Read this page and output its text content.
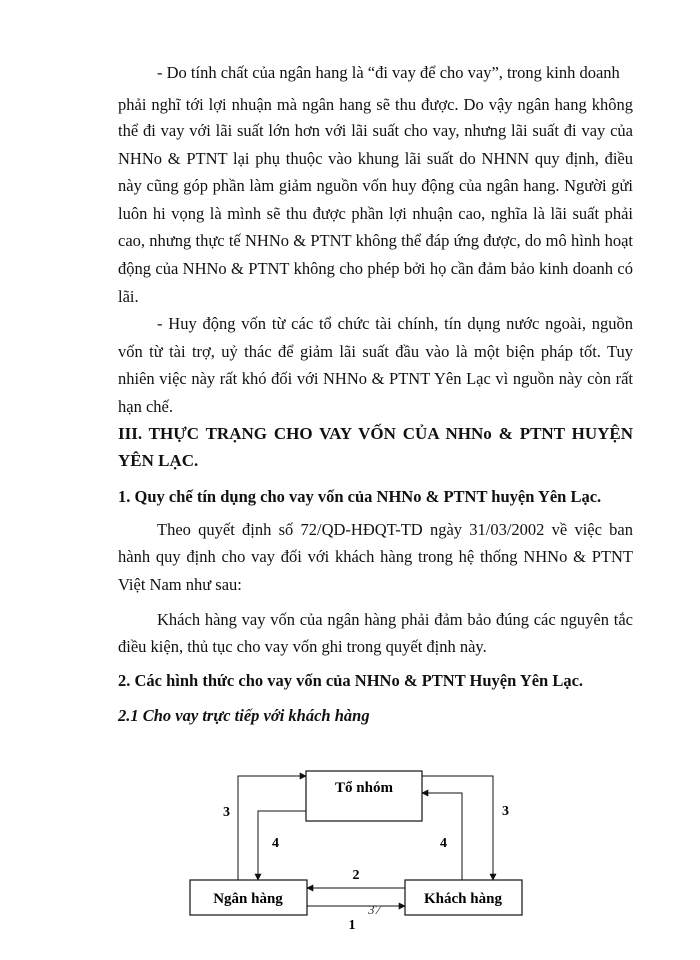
- Do tính chất của ngân hang là “đi vay để cho vay”, trong kinh doanh
phải nghĩ tới lợi nhuận mà ngân hang sẽ thu được. Do vậy ngân hang không
thể đi vay với lãi suất lớn hơn với lãi suất cho vay, nhưng lãi suất đi vay của
NHNo & PTNT lại phụ thuộc vào khung lãi suất do NHNN quy định, điều
này cũng góp phần làm giảm nguồn vốn huy động của ngân hang. Người gửi
luôn hi vọng là mình sẽ thu được phần lợi nhuận cao, nghĩa là lãi suất phải
cao, nhưng thực tế NHNo & PTNT không thể đáp ứng được, do mô hình hoạt
động của NHNo & PTNT không cho phép bởi họ cần đảm bảo kinh doanh có
lãi.
- Huy động vốn từ các tổ chức tài chính, tín dụng nước ngoài, nguồn
vốn từ tài trợ, uỷ thác để giảm lãi suất đầu vào là một biện pháp tốt. Tuy
nhiên việc này rất khó đối với NHNo & PTNT Yên Lạc vì nguồn này còn rất
hạn chế.
III. THỰC TRẠNG CHO VAY VỐN CỦA NHNo & PTNT HUYỆN
YÊN LẠC.
1. Quy chế tín dụng cho vay vốn của NHNo & PTNT huyện Yên Lạc.
Theo quyết định số 72/QD-HĐQT-TD ngày 31/03/2002 về việc ban
hành quy định cho vay đối với khách hàng trong hệ thống NHNo & PTNT
Việt Nam như sau:
Khách hàng vay vốn của ngân hàng phải đảm bảo đúng các nguyên tắc
điều kiện, thủ tục cho vay vốn ghi trong quyết định này.
2. Các hình thức cho vay vốn của NHNo & PTNT Huyện Yên Lạc.
2.1 Cho vay trực tiếp với khách hàng
Tổ nhóm
Ngân hàng	Khách hàng
3
4
3
4
2
1
37
